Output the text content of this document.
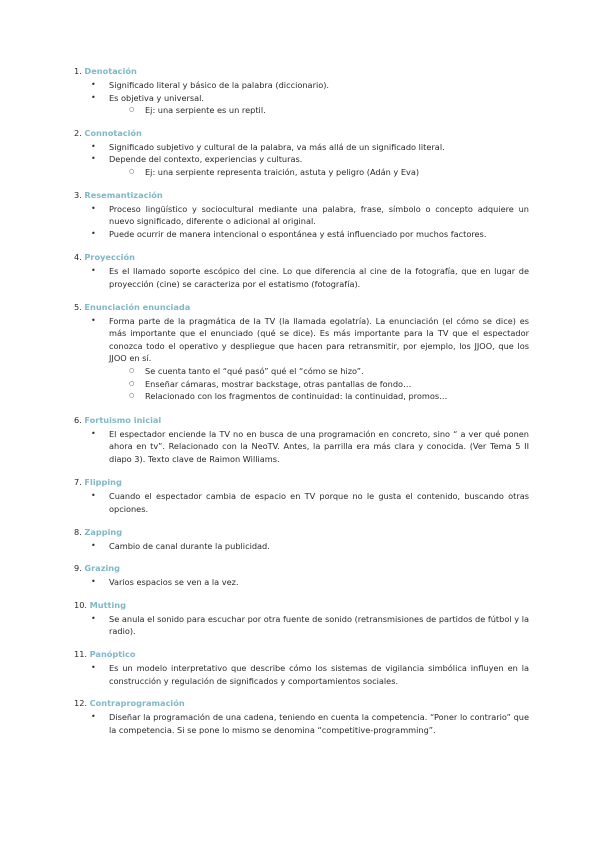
1. Denotación
• Significado literal y básico de la palabra (diccionario).
• Es objetiva y universal.
○ Ej: una serpiente es un reptil.
2. Connotación
• Significado subjetivo y cultural de la palabra, va más allá de un significado literal.
• Depende del contexto, experiencias y culturas.
○ Ej: una serpiente representa traición, astuta y peligro (Adán y Eva)
3. Resemantización
• Proceso lingüístico y sociocultural mediante una palabra, frase, símbolo o concepto adquiere un nuevo significado, diferente o adicional al original.
• Puede ocurrir de manera intencional o espontánea y está influenciado por muchos factores.
4. Proyección
• Es el llamado soporte escópico del cine. Lo que diferencia al cine de la fotografía, que en lugar de proyección (cine) se caracteriza por el estatismo (fotografía).
5. Enunciación enunciada
• Forma parte de la pragmática de la TV (la llamada egolatría). La enunciación (el cómo se dice) es más importante que el enunciado (qué se dice). Es más importante para la TV que el espectador conozca todo el operativo y despliegue que hacen para retransmitir, por ejemplo, los JJOO, que los JJOO en sí.
○ Se cuenta tanto el “qué pasó” qué el “cómo se hizo”.
○ Enseñar cámaras, mostrar backstage, otras pantallas de fondo…
○ Relacionado con los fragmentos de continuidad: la continuidad, promos…
6. Fortuismo inicial
• El espectador enciende la TV no en busca de una programación en concreto, sino “ a ver qué ponen ahora en tv”. Relacionado con la NeoTV. Antes, la parrilla era más clara y conocida. (Ver Tema 5 II diapo 3). Texto clave de Raimon Williams.
7. Flipping
• Cuando el espectador cambia de espacio en TV porque no le gusta el contenido, buscando otras opciones.
8. Zapping
• Cambio de canal durante la publicidad.
9. Grazing
• Varios espacios se ven a la vez.
10. Mutting
• Se anula el sonido para escuchar por otra fuente de sonido (retransmisiones de partidos de fútbol y la radio).
11. Panóptico
• Es un modelo interpretativo que describe cómo los sistemas de vigilancia simbólica influyen en la construcción y regulación de significados y comportamientos sociales.
12. Contraprogramación
• Diseñar la programación de una cadena, teniendo en cuenta la competencia. “Poner lo contrario” que la competencia. Si se pone lo mismo se denomina “competitive-programming”.
